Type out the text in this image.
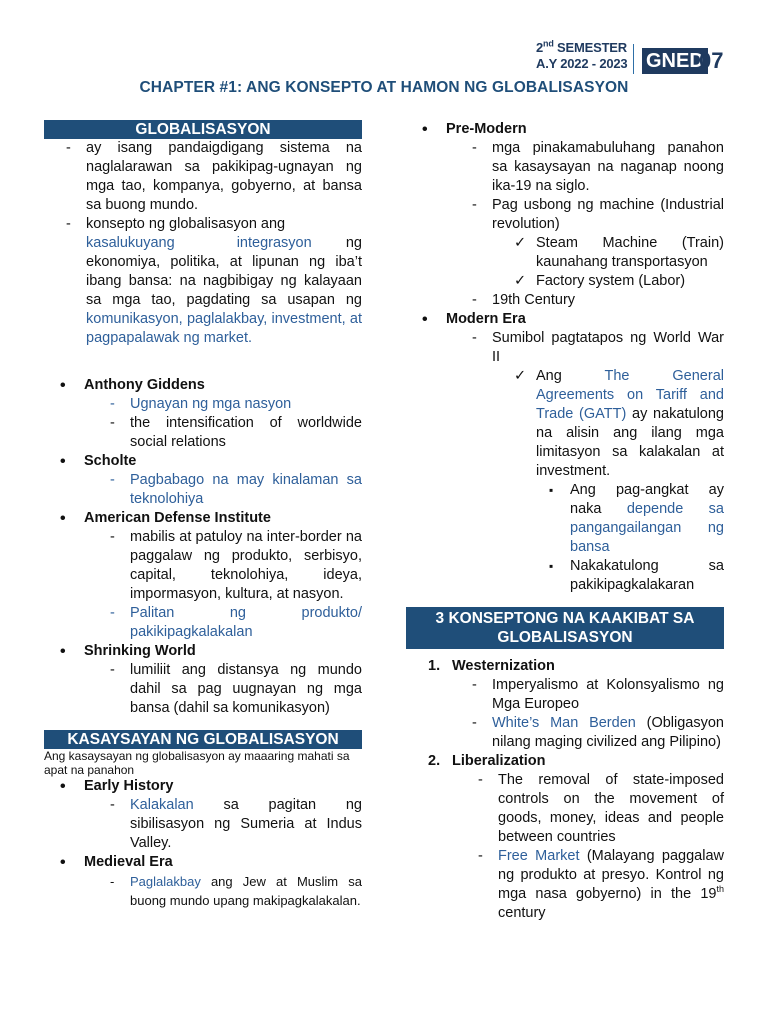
2nd SEMESTER
A.Y 2022 - 2023 GNED
07
CHAPTER #1: ANG KONSEPTO AT HAMON NG GLOBALISASYON
GLOBALISASYON
- ay isang pandaigdigang sistema na naglalarawan sa pakikipag-ugnayan ng mga tao, kompanya, gobyerno, at bansa sa buong mundo.
- konsepto ng globalisasyon ang
kasalukuyang integrasyon ng
ekonomiya, politika, at lipunan ng iba’t ibang bansa: na nagbibigay ng kalayaan sa mga tao, pagdating sa usapan ng komunikasyon, paglalakbay, investment, at pagpapalawak ng market.
• Anthony Giddens
- Ugnayan ng mga nasyon
- the intensification of worldwide social relations
• Scholte
- Pagbabago na may kinalaman sa teknolohiya
• American Defense Institute
- mabilis at patuloy na inter-border na paggalaw ng produkto, serbisyo, capital, teknolohiya, ideya, impormasyon, kultura, at nasyon.
- Palitan ng produkto/ pakikipagkalakalan
• Shrinking World
- lumiliit ang distansya ng mundo dahil sa pag uugnayan ng mga bansa (dahil sa komunikasyon)
KASAYSAYAN NG GLOBALISASYON
Ang kasaysayan ng globalisasyon ay maaaring mahati sa apat na panahon
• Early History
- Kalakalan sa pagitan ng sibilisasyon ng Sumeria at Indus Valley.
• Medieval Era
- Paglalakbay ang Jew at Muslim sa buong mundo upang makipagkalakalan.
• Pre-Modern
- mga pinakamabuluhang panahon sa kasaysayan na naganap noong ika-19 na siglo.
- Pag usbong ng machine (Industrial revolution)
✓ Steam Machine (Train) kaunahang transportasyon
✓ Factory system (Labor)
- 19th Century
• Modern Era
- Sumibol pagtatapos ng World War II
✓ Ang The General Agreements on Tariff and Trade (GATT) ay nakatulong na alisin ang ilang mga limitasyon sa kalakalan at investment.
▪ Ang pag-angkat ay naka depende sa pangangailangan ng bansa
▪ Nakakatulong sa pakikipagkalakaran
3 KONSEPTONG NA KAAKIBAT SA GLOBALISASYON
1. Westernization
- Imperyalismo at Kolonsyalismo ng Mga Europeo
- White’s Man Berden (Obligasyon nilang maging civilized ang Pilipino)
2. Liberalization
- The removal of state-imposed controls on the movement of goods, money, ideas and people between countries
- Free Market (Malayang paggalaw ng produkto at presyo. Kontrol ng mga nasa gobyerno) in the 19th century
